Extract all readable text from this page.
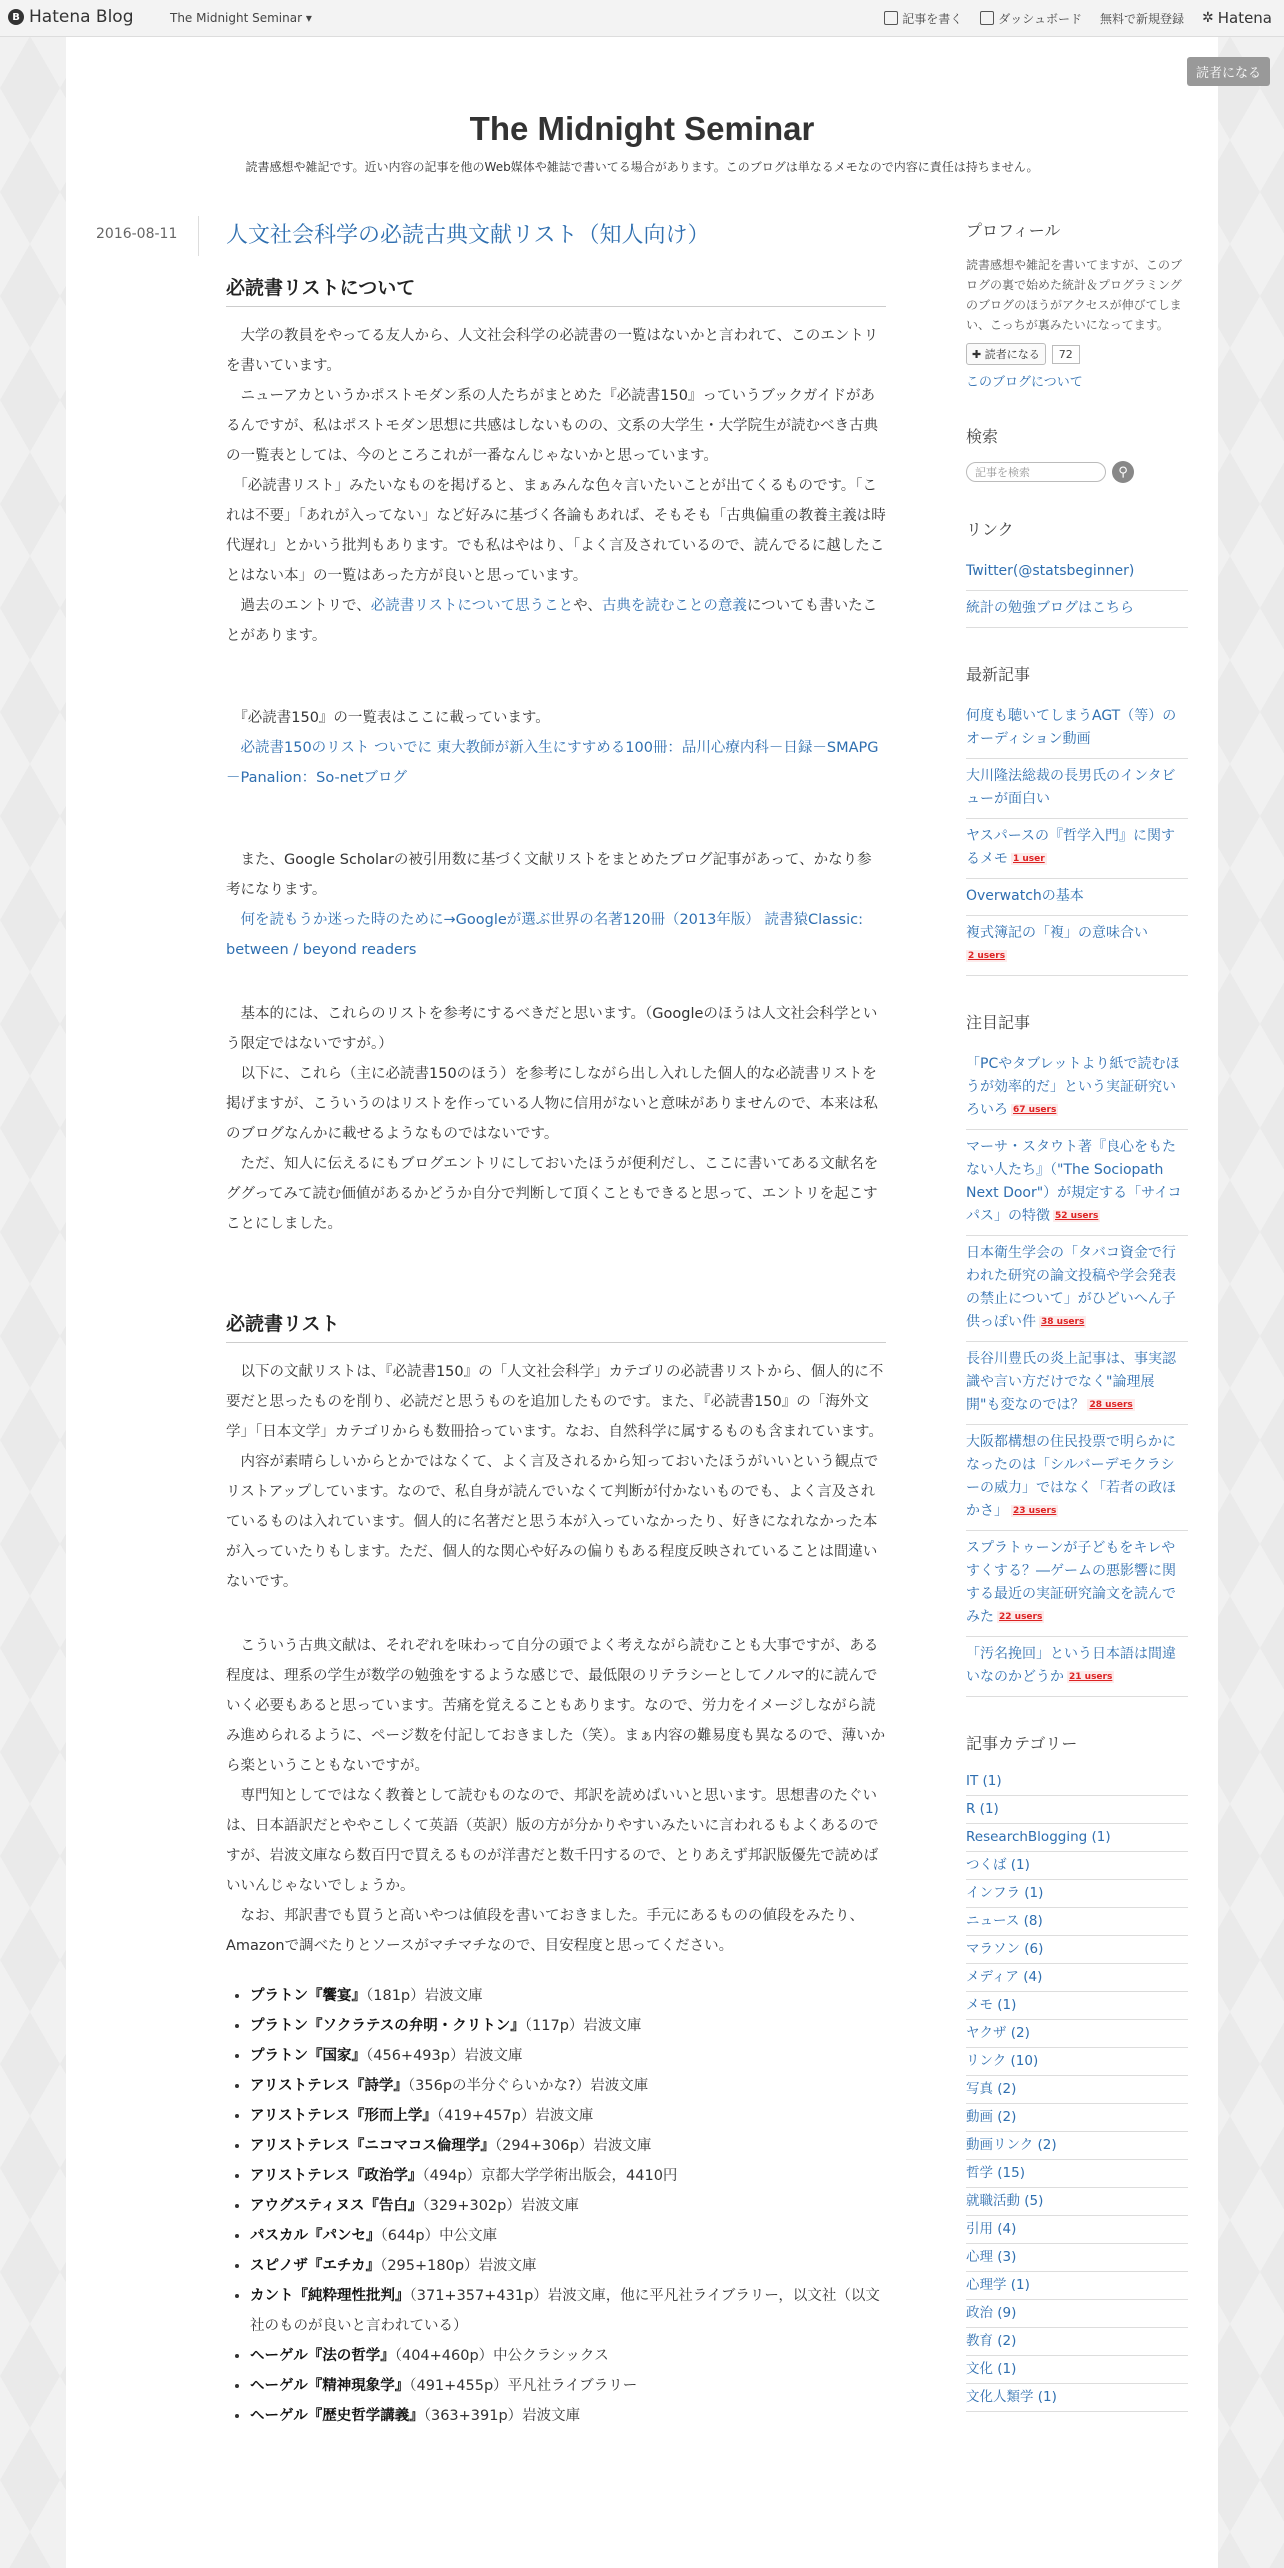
B Hatena Blog	The Midnight Seminar ▾	記事を書く	ダッシュボード 無料で新規登録 ✲ Hatena
読者になる
The Midnight Seminar
読書感想や雑記です。近い内容の記事を他のWeb媒体や雑誌で書いてる場合があります。このブログは単なるメモなので内容に責任は持ちません。
2016-08-11 人文社会科学の必読古典文献リスト（知人向け）
必読書リストについて

　大学の教員をやってる友人から、人文社会科学の必読書の一覧はないかと言われて、このエントリを書いています。

　ニューアカというかポストモダン系の人たちがまとめた『必読書150』っていうブックガイドがあるんですが、私はポストモダン思想に共感はしないものの、文系の大学生・大学院生が読むべき古典の一覧表としては、今のところこれが一番なんじゃないかと思っています。

　「必読書リスト」みたいなものを掲げると、まぁみんな色々言いたいことが出てくるものです。「これは不要」「あれが入ってない」など好みに基づく各論もあれば、そもそも「古典偏重の教養主義は時代遅れ」とかいう批判もあります。でも私はやはり、「よく言及されているので、読んでるに越したことはない本」の一覧はあった方が良いと思っています。

　過去のエントリで、必読書リストについて思うことや、古典を読むことの意義についても書いたことがあります。

　『必読書150』の一覧表はここに載っています。

　必読書150のリスト ついでに 東大教師が新入生にすすめる100冊：品川心療内科－日録－SMAPG－Panalion：So-netブログ

　また、Google Scholarの被引用数に基づく文献リストをまとめたブログ記事があって、かなり参考になります。

　何を読もうか迷った時のために→Googleが選ぶ世界の名著120冊（2013年版） 読書猿Classic: between / beyond readers

　基本的には、これらのリストを参考にするべきだと思います。（Googleのほうは人文社会科学という限定ではないですが。）

　以下に、これら（主に必読書150のほう）を参考にしながら出し入れした個人的な必読書リストを掲げますが、こういうのはリストを作っている人物に信用がないと意味がありませんので、本来は私のブログなんかに載せるようなものではないです。

　ただ、知人に伝えるにもブログエントリにしておいたほうが便利だし、ここに書いてある文献名をググってみて読む価値があるかどうか自分で判断して頂くこともできると思って、エントリを起こすことにしました。

必読書リスト

　以下の文献リストは、『必読書150』の「人文社会科学」カテゴリの必読書リストから、個人的に不要だと思ったものを削り、必読だと思うものを追加したものです。また、『必読書150』の「海外文学」「日本文学」カテゴリからも数冊拾っています。なお、自然科学に属するものも含まれています。

　内容が素晴らしいからとかではなくて、よく言及されるから知っておいたほうがいいという観点でリストアップしています。なので、私自身が読んでいなくて判断が付かないものでも、よく言及されているものは入れています。個人的に名著だと思う本が入っていなかったり、好きになれなかった本が入っていたりもします。ただ、個人的な関心や好みの偏りもある程度反映されていることは間違いないです。

　こういう古典文献は、それぞれを味わって自分の頭でよく考えながら読むことも大事ですが、ある程度は、理系の学生が数学の勉強をするような感じで、最低限のリテラシーとしてノルマ的に読んでいく必要もあると思っています。苦痛を覚えることもあります。なので、労力をイメージしながら読み進められるように、ページ数を付記しておきました（笑）。まぁ内容の難易度も異なるので、薄いから楽ということもないですが。

　専門知としてではなく教養として読むものなので、邦訳を読めばいいと思います。思想書のたぐいは、日本語訳だとややこしくて英語（英訳）版の方が分かりやすいみたいに言われるもよくあるのですが、岩波文庫なら数百円で買えるものが洋書だと数千円するので、とりあえず邦訳版優先で読めばいいんじゃないでしょうか。

　なお、邦訳書でも買うと高いやつは値段を書いておきました。手元にあるものの値段をみたり、Amazonで調べたりとソースがマチマチなので、目安程度と思ってください。

• プラトン『饗宴』（181p）岩波文庫
• プラトン『ソクラテスの弁明・クリトン』（117p）岩波文庫
• プラトン『国家』（456+493p）岩波文庫
• アリストテレス『詩学』（356pの半分ぐらいかな?）岩波文庫
• アリストテレス『形而上学』（419+457p）岩波文庫
• アリストテレス『ニコマコス倫理学』（294+306p）岩波文庫
• アリストテレス『政治学』（494p）京都大学学術出版会，4410円
• アウグスティヌス『告白』（329+302p）岩波文庫
• パスカル『パンセ』（644p）中公文庫
• スピノザ『エチカ』（295+180p）岩波文庫
• カント『純粋理性批判』（371+357+431p）岩波文庫，他に平凡社ライブラリー，以文社（以文社のものが良いと言われている）
• ヘーゲル『法の哲学』（404+460p）中公クラシックス
• ヘーゲル『精神現象学』（491+455p）平凡社ライブラリー
• ヘーゲル『歴史哲学講義』（363+391p）岩波文庫
プロフィール
読書感想や雑記を書いてますが、このブログの裏で始めた統計＆プログラミングのブログのほうがアクセスが伸びてしまい、こっちが裏みたいになってます。
✚ 読者になる	72
このブログについて
検索
記事を検索	⚲
リンク
Twitter(@statsbeginner)
統計の勉強ブログはこちら
最新記事
何度も聴いてしまうAGT（等）のオーディション動画
大川隆法総裁の長男氏のインタビューが面白い
ヤスパースの『哲学入門』に関するメモ 1 user
Overwatchの基本
複式簿記の「複」の意味合い
2 users
注目記事
「PCやタブレットより紙で読むほうが効率的だ」という実証研究いろいろ 67 users
マーサ・スタウト著『良心をもたない人たち』（"The Sociopath Next Door"）が規定する「サイコパス」の特徴 52 users
日本衛生学会の「タバコ資金で行われた研究の論文投稿や学会発表の禁止について」がひどいへん子供っぽい件 38 users
長谷川豊氏の炎上記事は、事実認識や言い方だけでなく"論理展開"も変なのでは？ 28 users
大阪都構想の住民投票で明らかになったのは「シルバーデモクラシーの威力」ではなく「若者の政ほかさ」 23 users
スプラトゥーンが子どもをキレやすくする？―ゲームの悪影響に関する最近の実証研究論文を読んでみた 22 users
「汚名挽回」という日本語は間違いなのかどうか 21 users
記事カテゴリー
IT (1)
R (1)
ResearchBlogging (1)
つくば (1)
インフラ (1)
ニュース (8)
マラソン (6)
メディア (4)
メモ (1)
ヤクザ (2)
リンク (10)
写真 (2)
動画 (2)
動画リンク (2)
哲学 (15)
就職活動 (5)
引用 (4)
心理 (3)
心理学 (1)
政治 (9)
教育 (2)
文化 (1)
文化人類学 (1)
